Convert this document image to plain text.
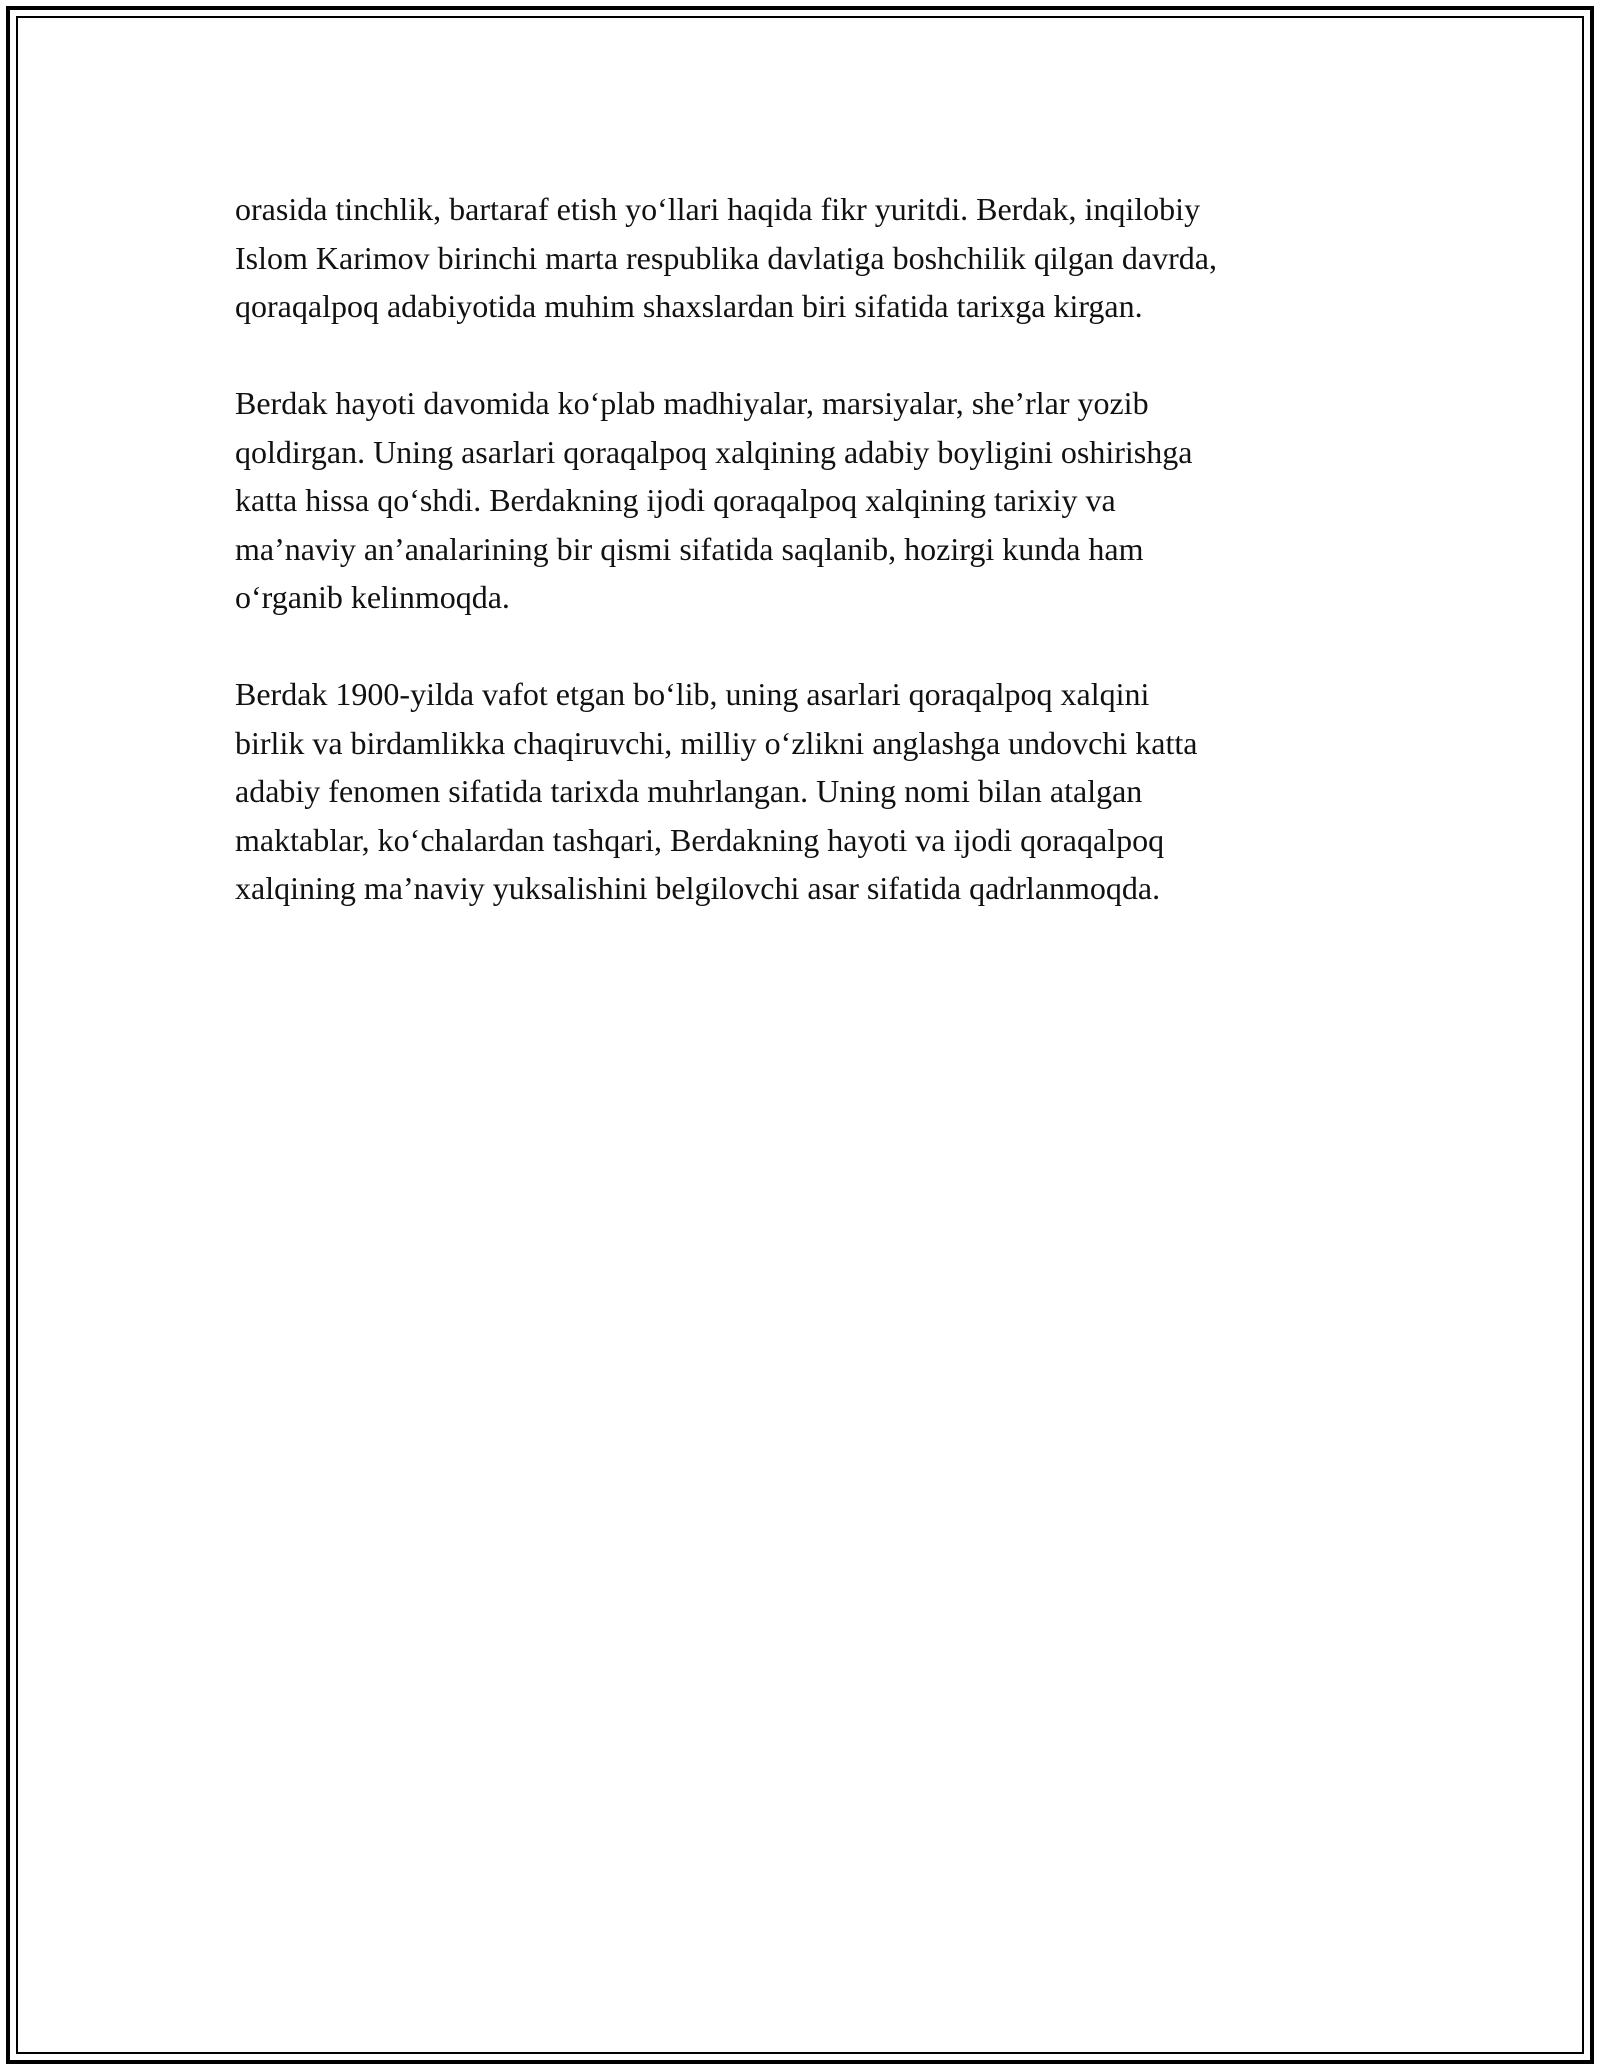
orasida tinchlik, bartaraf etish yo‘llari haqida fikr yuritdi. Berdak, inqilobiy
Islom Karimov birinchi marta respublika davlatiga boshchilik qilgan davrda,
qoraqalpoq adabiyotida muhim shaxslardan biri sifatida tarixga kirgan.

Berdak hayoti davomida ko‘plab madhiyalar, marsiyalar, she’rlar yozib
qoldirgan. Uning asarlari qoraqalpoq xalqining adabiy boyligini oshirishga
katta hissa qo‘shdi. Berdakning ijodi qoraqalpoq xalqining tarixiy va
ma’naviy an’analarining bir qismi sifatida saqlanib, hozirgi kunda ham
o‘rganib kelinmoqda.

Berdak 1900-yilda vafot etgan bo‘lib, uning asarlari qoraqalpoq xalqini
birlik va birdamlikka chaqiruvchi, milliy o‘zlikni anglashga undovchi katta
adabiy fenomen sifatida tarixda muhrlangan. Uning nomi bilan atalgan
maktablar, ko‘chalardan tashqari, Berdakning hayoti va ijodi qoraqalpoq
xalqining ma’naviy yuksalishini belgilovchi asar sifatida qadrlanmoqda.
